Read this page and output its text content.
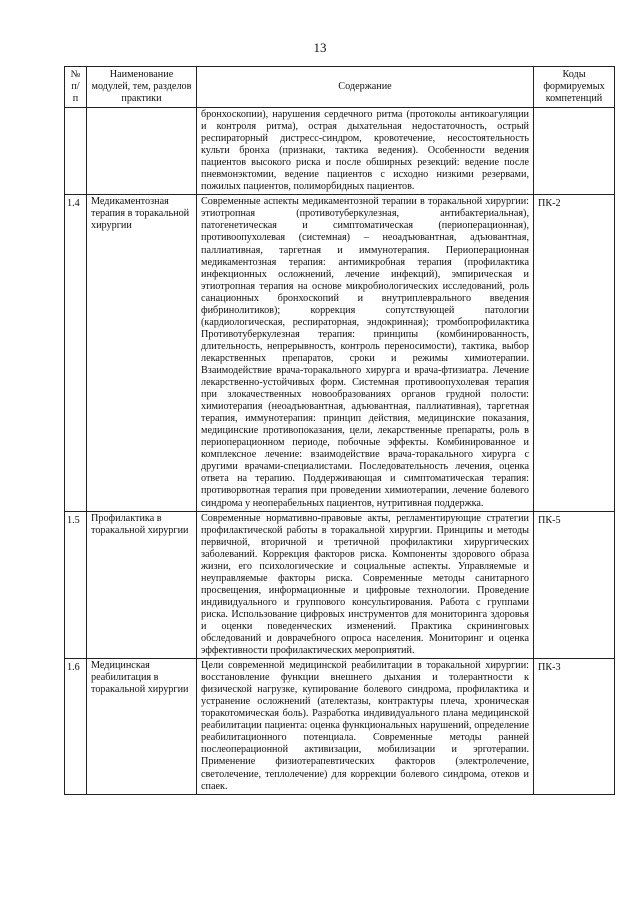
13
№ п/п	Наименование модулей, тем, разделов практики	Содержание	Коды формируемых компетенций
		бронхоскопии), нарушения сердечного ритма (протоколы антикоагуляции и контроля ритма), острая дыхательная недостаточность, острый респираторный дистресс-синдром, кровотечение, несостоятельность культи бронха (признаки, тактика ведения). Особенности ведения пациентов высокого риска и после обширных резекций: ведение после пневмонэктомии, ведение пациентов с исходно низкими резервами, пожилых пациентов, полиморбидных пациентов.	
1.4	Медикаментозная терапия в торакальной хирургии	Современные аспекты медикаментозной терапии в торакальной хирургии: этиотропная (противотуберкулезная, антибактериальная), патогенетическая и симптоматическая (периоперационная), противоопухолевая (системная) – неоадъювантная, адъювантная, паллиативная, таргетная и иммунотерапия. Периоперационная медикаментозная терапия: антимикробная терапия (профилактика инфекционных осложнений, лечение инфекций), эмпирическая и этиотропная терапия на основе микробиологических исследований, роль санационных бронхоскопий и внутриплеврального введения фибринолитиков); коррекция сопутствующей патологии (кардиологическая, респираторная, эндокринная); тромбопрофилактика Противотуберкулезная терапия: принципы (комбинированность, длительность, непрерывность, контроль переносимости), тактика, выбор лекарственных препаратов, сроки и режимы химиотерапии. Взаимодействие врача-торакального хирурга и врача-фтизиатра. Лечение лекарственно-устойчивых форм. Системная противоопухолевая терапия при злокачественных новообразованиях органов грудной полости: химиотерапия (неоадъювантная, адъювантная, паллиативная), таргетная терапия, иммунотерапия: принцип действия, медицинские показания, медицинские противопоказания, цели, лекарственные препараты, роль в периоперационном периоде, побочные эффекты. Комбинированное и комплексное лечение: взаимодействие врача-торакального хирурга с другими врачами-специалистами. Последовательность лечения, оценка ответа на терапию. Поддерживающая и симптоматическая терапия: противорвотная терапия при проведении химиотерапии, лечение болевого синдрома у неоперабельных пациентов, нутритивная поддержка.	ПК-2
1.5	Профилактика в торакальной хирургии	Современные нормативно-правовые акты, регламентирующие стратегии профилактической работы в торакальной хирургии. Принципы и методы первичной, вторичной и третичной профилактики хирургических заболеваний. Коррекция факторов риска. Компоненты здорового образа жизни, его психологические и социальные аспекты. Управляемые и неуправляемые факторы риска. Современные методы санитарного просвещения, информационные и цифровые технологии. Проведение индивидуального и группового консультирования. Работа с группами риска. Использование цифровых инструментов для мониторинга здоровья и оценки поведенческих изменений. Практика скрининговых обследований и доврачебного опроса населения. Мониторинг и оценка эффективности профилактических мероприятий.	ПК-5
1.6	Медицинская реабилитация в торакальной хирургии	Цели современной медицинской реабилитации в торакальной хирургии: восстановление функции внешнего дыхания и толерантности к физической нагрузке, купирование болевого синдрома, профилактика и устранение осложнений (ателектазы, контрактуры плеча, хроническая торакотомическая боль). Разработка индивидуального плана медицинской реабилитации пациента: оценка функциональных нарушений, определение реабилитационного потенциала. Современные методы ранней послеоперационной активизации, мобилизации и эрготерапии. Применение физиотерапевтических факторов (электролечение, светолечение, теплолечение) для коррекции болевого синдрома, отеков и спаек.	ПК-3
